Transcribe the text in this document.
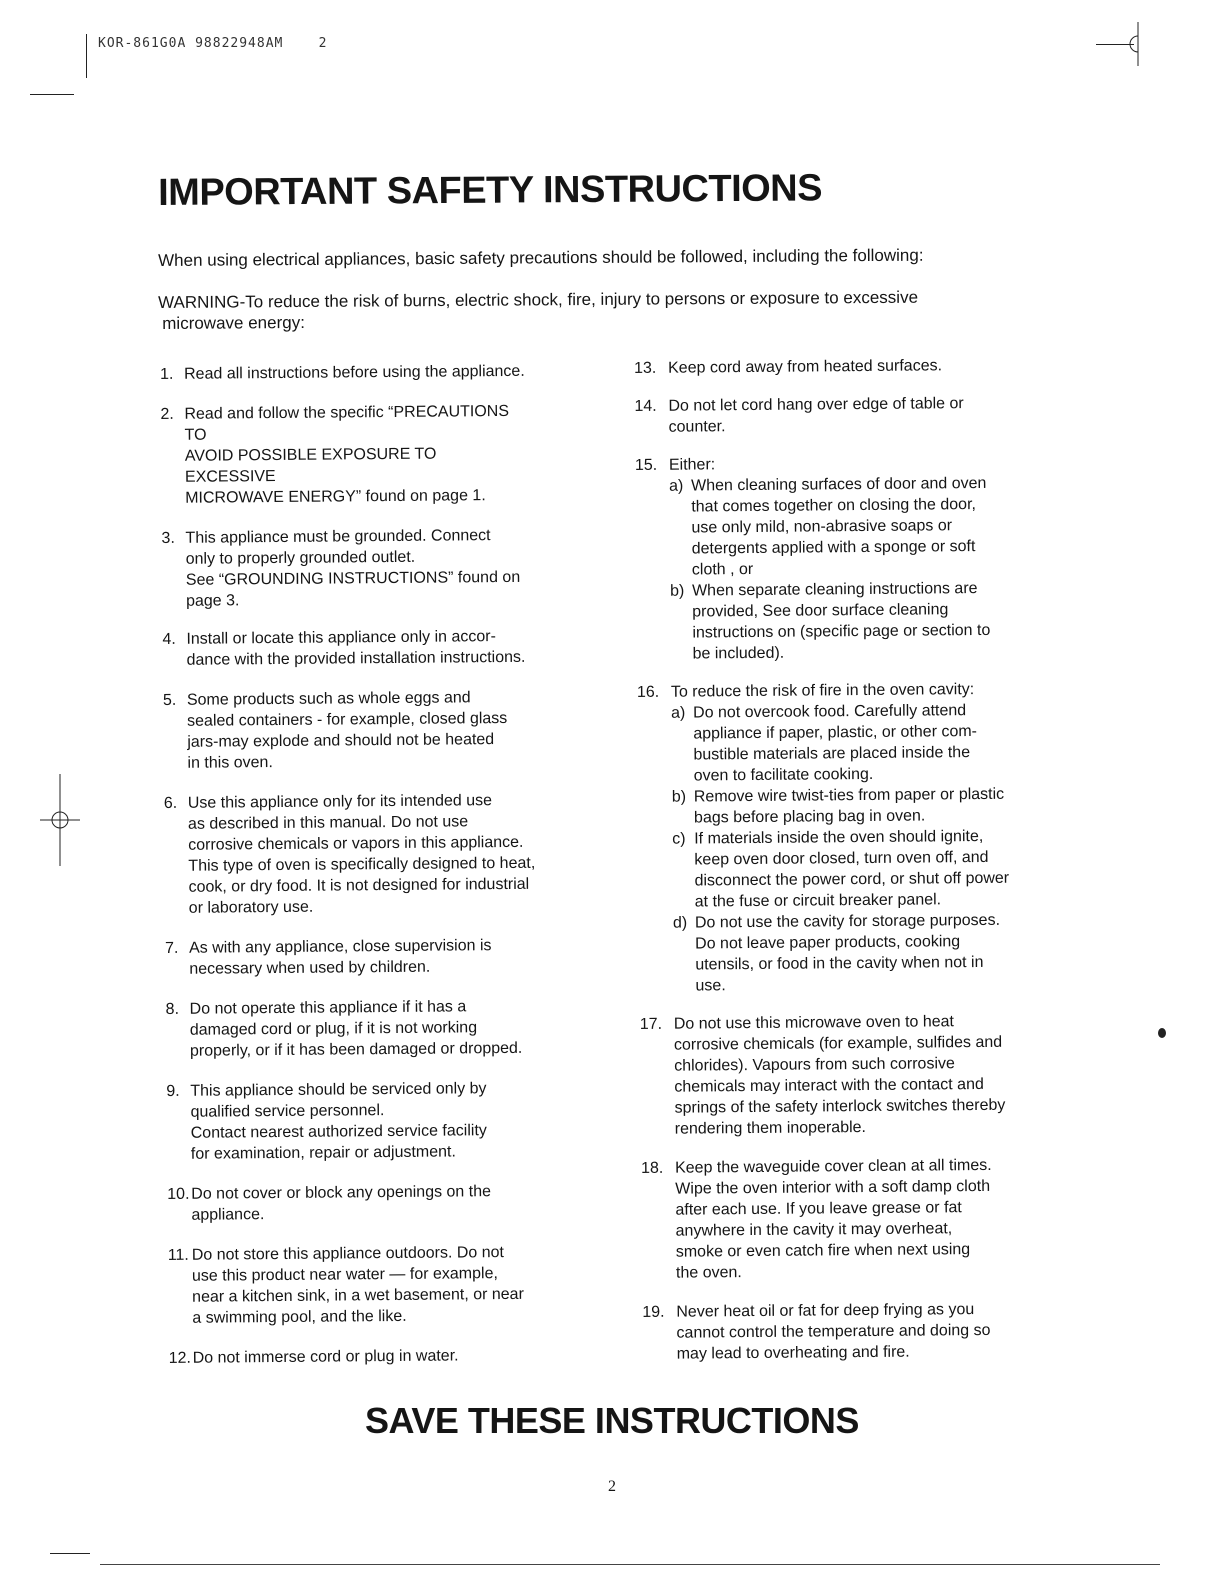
KOR-861G0A 98822948AM    2
IMPORTANT SAFETY INSTRUCTIONS

When using electrical appliances, basic safety precautions should be followed, including the following:

WARNING-To reduce the risk of burns, electric shock, fire, injury to persons or exposure to excessive
microwave energy:

1. Read all instructions before using the appliance.
2. Read and follow the specific “PRECAUTIONS
TO
AVOID POSSIBLE EXPOSURE TO
EXCESSIVE
MICROWAVE ENERGY” found on page 1.
3. This appliance must be grounded. Connect
only to properly grounded outlet.
See “GROUNDING INSTRUCTIONS” found on
page 3.
4. Install or locate this appliance only in accor-
dance with the provided installation instructions.
5. Some products such as whole eggs and
sealed containers - for example, closed glass
jars-may explode and should not be heated
in this oven.
6. Use this appliance only for its intended use
as described in this manual. Do not use
corrosive chemicals or vapors in this appliance.
This type of oven is specifically designed to heat,
cook, or dry food. It is not designed for industrial
or laboratory use.
7. As with any appliance, close supervision is
necessary when used by children.
8. Do not operate this appliance if it has a
damaged cord or plug, if it is not working
properly, or if it has been damaged or dropped.
9. This appliance should be serviced only by
qualified service personnel.
Contact nearest authorized service facility
for examination, repair or adjustment.
10. Do not cover or block any openings on the
appliance.
11. Do not store this appliance outdoors. Do not
use this product near water — for example,
near a kitchen sink, in a wet basement, or near
a swimming pool, and the like.
12. Do not immerse cord or plug in water.
13. Keep cord away from heated surfaces.
14. Do not let cord hang over edge of table or
counter.
15. Either:
a) When cleaning surfaces of door and oven
that comes together on closing the door,
use only mild, non-abrasive soaps or
detergents applied with a sponge or soft
cloth , or
b) When separate cleaning instructions are
provided, See door surface cleaning
instructions on (specific page or section to
be included).
16. To reduce the risk of fire in the oven cavity:
a) Do not overcook food. Carefully attend
appliance if paper, plastic, or other com-
bustible materials are placed inside the
oven to facilitate cooking.
b) Remove wire twist-ties from paper or plastic
bags before placing bag in oven.
c) If materials inside the oven should ignite,
keep oven door closed, turn oven off, and
disconnect the power cord, or shut off power
at the fuse or circuit breaker panel.
d) Do not use the cavity for storage purposes.
Do not leave paper products, cooking
utensils, or food in the cavity when not in
use.
17. Do not use this microwave oven to heat
corrosive chemicals (for example, sulfides and
chlorides). Vapours from such corrosive
chemicals may interact with the contact and
springs of the safety interlock switches thereby
rendering them inoperable.
18. Keep the waveguide cover clean at all times.
Wipe the oven interior with a soft damp cloth
after each use. If you leave grease or fat
anywhere in the cavity it may overheat,
smoke or even catch fire when next using
the oven.
19. Never heat oil or fat for deep frying as you
cannot control the temperature and doing so
may lead to overheating and fire.
SAVE THESE INSTRUCTIONS
2
